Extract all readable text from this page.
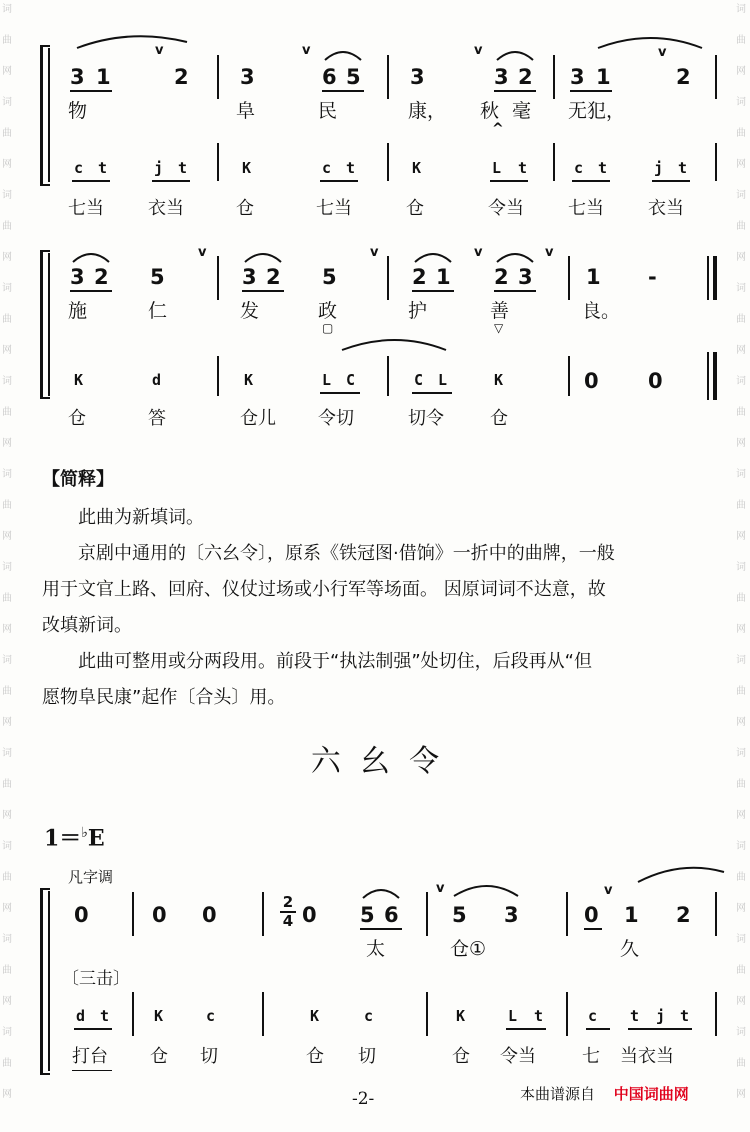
词
曲
网
词
曲
网
词
曲
网
词
曲
网
词
曲
网
词
曲
网
词
曲
网
词
曲
网
词
曲
网
词
曲
网
词
曲
网
词
曲
网
词
曲
网
词
曲
网
词
曲
网
词
曲
网
词
曲
网
词
曲
网
词
曲
网
词
曲
网
词
曲
网
词
曲
网
词
曲
网
词
曲
网
3 1	2
v
3	6 5
v
3	3 2
v
3 1	2
v
物	阜	民	康， 秋 毫 无犯，
^
c t	j t	K	c t	K	L t	c t	j t
七当 衣当	仓	七当	仓	令当 七当 衣当
3 2 5
v
3 2 5
v
2 1
v
2 3
v
1 -
施	仁	发	政	护	善	良。
▢	▽
K	d	K	L C	C L	K	0 0
仓	答	仓儿 令切	切令	仓
【简释】
此曲为新填词。
京剧中通用的〔六幺令〕，原系《铁冠图·借饷》一折中的曲牌，一般
用于文官上路、回府、仪仗过场或小行军等场面。 因原词词不达意，故
改填新词。
此曲可整用或分两段用。前段于“执法制强”处切住，后段再从“但
愿物阜民康”起作〔合头〕用。
六  幺  令
1＝♭E
凡字调
0	0 0
2
4 0 5 6
v
5 3	0
v
1 2
太	仓①	久
〔三击〕
d t	K	c	K	c	K	L t	c t j t
打台 仓 切	仓 切	仓 令当	七 当衣当
-2-	本曲谱源自 中国词曲网
